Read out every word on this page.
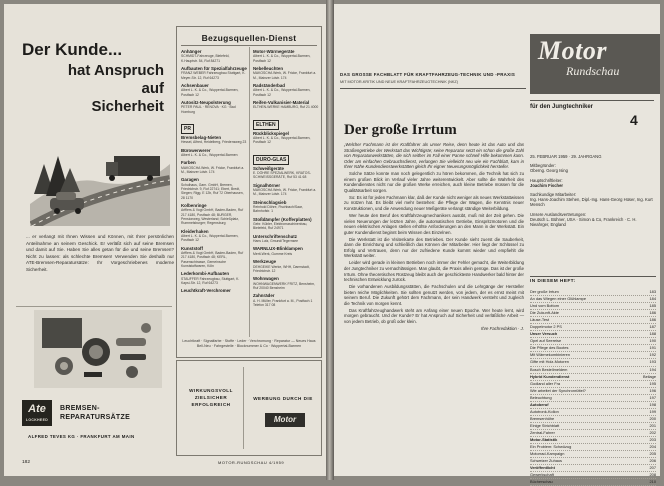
Der Kunde...
hat Anspruch
auf
Sicherheit
... er verlangt mit Ihnen Wissen und Können, mit Ihrer persönlichen Anteilnahme an seinem Geschick. Er verläßt sich auf seine Bremsen und damit auf Sie. Haben Sie alles getan für die und seine Bremsen? Nicht zu lassen: als schlechte Bremsen! Verwenden Sie deshalb nur ATE-Bremsen-Reparatursätze: Ihr Vorgeschriebenes moderne Sicherheit.
Bezugsquellen-Dienst
Anhänger
SCHMIDT-Fahrzeuge, Bielefeld, K.Hauptstr. 54, Ruf 84271
Aufbauten für Spezialfahrzeuge
FRANZ WEBER Fahrzeugbau Stuttgart, K. Meyer-Str. 12, Ruf 64273
Achsenbauer
Albert L. K. & Co., Wuppertal-Barmen, Postfach 12
Autositz-Neupolsterung
PETER PAUL · RENOVA · KG · Bad Homburg
PR
Bremsbelag-Nieten
Hessel, Alfred, Heidelberg, Friedensweg 23
Bürowerwerer
Albert L. K. & Co., Wuppertal-Barmen
Farben
MAKOSCHA Werk, W. Fricke, Frankfurt a. M., Mainzer Ldstr. 174
Garagen
Schulhaus, Garn. GmbH, Bremen, Friedrichstr. 9, Ruf 22741; Ebert, Bredt, Siegen; Rigg. E 12b, Ruf 72 Oberhausen, 28 1170
Kolbenringe
Arfflers & Vogt GmbH, Baden-Baden, Ruf 217 4180, Postfach 48; BURGER, Pensionweg, Westerland; Schießplatz, Rummelsburger; Regensburg
Kleiderhaken
Albert L. K. & Co., Wuppertal-Barmen, Postfach 12
Kunststoff
Arfflers & Vogt GmbH, Baden-Baden, Ruf 217 4180, Postfach 48; KERL, Pasenschtrasse, Gemeinsche Kunststoffwaren, Köln
Lederkombi-Aufbauten
STAUFFER Fahrzeugbau, Stuttgart, K. Kapsi-Str. 12, Ruf 64273
Leuchtkraft-Verchromer
Motor-Wärmegeräte
Albert L. K. & Co., Wuppertal-Barmen, Postfach 12
Nebelleuchten
MAKOSCHA Werk, W. Fricke, Frankfurt a. M., Mainzer Ldstr. 174
Radständerbad
Albert L. K. & Co., Wuppertal-Barmen, Postfach 12
Reifen-Vulkanisier-Material
ELTHEN-WERKE HAMBURG, Ruf 21 4000
ELTHEN
Rückblickspiegel
Albert L. K. & Co., Wuppertal-Barmen, Postfach 12
DURO-GLAS
Schweißgeräte
E. DÖHRE SPEZIALWERK, KRATOS-SCHWEISSGERÄTE, Ruf 53 41 68
Signalhörner
MAKOSCHA Werk, W. Fricke, Frankfurt a. M., Mainzer Ldstr. 174
Steinschlagsieb
Reinhold Döhre, Fischbach/Saar, Bahnhofstr. 1
Stoßdämpfer (Kofferplatten)
Gebr. Kübler, Elektromaschinenbau, Bielefeld, Ruf 24971
Unterschriftenschutz
Hans Lutz, Gmund/Tegernsee
WARNLUX-Blinklampen
Merit-Werk, Gumme Kreis
Werkzeuge
DEHGEIKE Werke, WHH, Darmstadt, Friedrichstr. 12
Wohnwagen
WOHNWAGENWERK FRITZ, Bensheim, Ruf 20040 Bensheim
Zahnräder
A. H. Müller, Frankfurt a. M., Postfach 1 Telefon 317 08
Leuchtkraft · Signalfarbe · Stoffe · Leder · Verchromung · Reparatur — Neues Haus Bell-Neu · Fahrgestelle · Blocknummer & Co · Wuppertal-Barmen
Ate
LOCKHEED
BREMSEN-
REPARATURSÄTZE
ALFRED TEVES KG · FRANKFURT AM MAIN
WIRKUNGSVOLL
ZIELSICHER
ERFOLGREICH
WERBUNG DURCH DIE
Motor
182	MOTOR-RUNDSCHAU 4/1959
Motor
Rundschau
DAS GROSSE FACHBLATT FÜR KRAFTFAHRZEUG-TECHNIK UND -PRAXIS
MIT MOTOR-KRITIK UND NEUE KRAFTFAHRZEUGTECHNIK (NKZ)
für den Jungtechniker
Der große Irrtum

„Welcher Fachmann ist der Kraftfahrer als unser Reise, denn heute ist das Auto und das Straßengetriebe der Werkstatt das Wichtigste; seine Reparatur setzt ein schon die große Zahl von Reparaturwerkstätten, die sich seither im Fall einer Panne schnell Hilfe bekommen kann. Oder am einfachen Gebrauchsdienst, verlangen Sie vielleicht neu wie ein Fachblatt, kam in Ihrer Nähe Kundendienstwerkstätten gleich Ihr eigner Neuerungsmöglichkeit hersteller.

Solche Sätze konnte man noch gelegentlich zu hören bekommen, die Technik hat sich zu einem großen Blick im Verlauf vieler Jahre weiterentwickelt. Aber sollte die Wahrheit des Kundendienstes nicht nur die großen Werke erreichen, auch kleine Betriebe müssen für die Qualitätsarbeit sorgen.

So: Es ist für jeden Fachmann klar, daß der Kunde nicht weniger als neues Werkstattwissen zu nützen hat. Es bleibt viel mehr bestehen: die Pflege der Wagen, die Kenntnis neuer Konstruktionen, und die Anwendung neuer Meßgeräte verlangt ständige Weiterbildung.

Wer heute den Beruf des Kraftfahrzeugmechanikers ausübt, muß mit der Zeit gehen. Die vielen Neuerungen der letzten Jahre, die automatischen Getriebe, Einspritzmotoren und die neuen elektrischen Anlagen stellen erhöhte Anforderungen an den Mann in der Werkstatt. Ein guter Kundendienst beginnt beim Wissen des Einzelnen.

Die Werkstatt ist die Visitenkarte des Betriebes. Der Kunde sieht zuerst die Sauberkeit, dann die Einrichtung und schließlich das Können der Mitarbeiter. Hier liegt der Schlüssel zu Erfolg und Vertrauen, denn nur der zufriedene Kunde kommt wieder und empfiehlt die Werkstatt weiter.

Leider wird gerade in kleinen Betrieben noch immer der Fehler gemacht, die Weiterbildung der Jungtechniker zu vernachlässigen. Man glaubt, die Praxis allein genüge. Das ist der große Irrtum. Ohne theoretisches Rüstzeug bleibt auch der geschickteste Handwerker bald hinter der technischen Entwicklung zurück.

Die vorhandenen Ausbildungsstätten, die Fachschulen und die Lehrgänge der Hersteller bieten reiche Möglichkeiten. Sie sollten genutzt werden, von jedem, der es ernst meint mit seinem Beruf. Die Zukunft gehört dem Fachmann, der sein Handwerk versteht und zugleich die Technik von morgen kennt.

Das Kraftfahrzeughandwerk steht am Anfang einer neuen Epoche. Wer heute lernt, wird morgen gebraucht. Und der Kunde? Er hat Anspruch auf Sicherheit und verläßliche Arbeit — von jedem Betrieb, ob groß oder klein.

Ihre Fachredaktion · J.

4
25. FEBRUAR 1959 · 29. JAHRGANG
Mitbegründer:
Oberng. Georg Ising
Hauptschriftleiter:
Joachim Fischer
Sachkundige Mitarbeiter:
Ing. Hans-Joachim Stehen, Dipl.-Ing. Hans-Georg Hüser, Ing. Kurt Mensch
Unsere Auslandsvertretungen:
Deutsch L. Bühner, USA · Simon & Co, Frankreich · C. H. Nieahrger, England
IN DIESEM HEFT:
Der große Irrtum	183
An das Wiegen einer Glühlampe	184
Und vom Bottom	185
Die Zukunft-Akte	186
Läuse-Test	186
Doppelmotor 2 PS	187
Unser Versuch	188
Opel auf Seereise	190
Die Pflege des Bootes	191
Mit Wärmekombinieren	192
Gifte mit Holz-Motoren	193
Bosch Bestellmeldem	194
Hybrid Kundendienst	Beilage
Godland aller Fra	195
Wie arbeitet der Synchronrüttel?	196
Beleuchtung	197
Autoberuf	198
Autotronk-Kollon	199
Bremsenhöhe	200
Einige Strichblatt	201
Zentral-Fahrer	202
Motor-Statistik	203
Ein Problem: Schwüzug	204
Motorrad-Kampaign	205
Schweizer Zuhaus	206
Veröffentlicht	207
Gewerkschaft	208
Bücherschau	210
